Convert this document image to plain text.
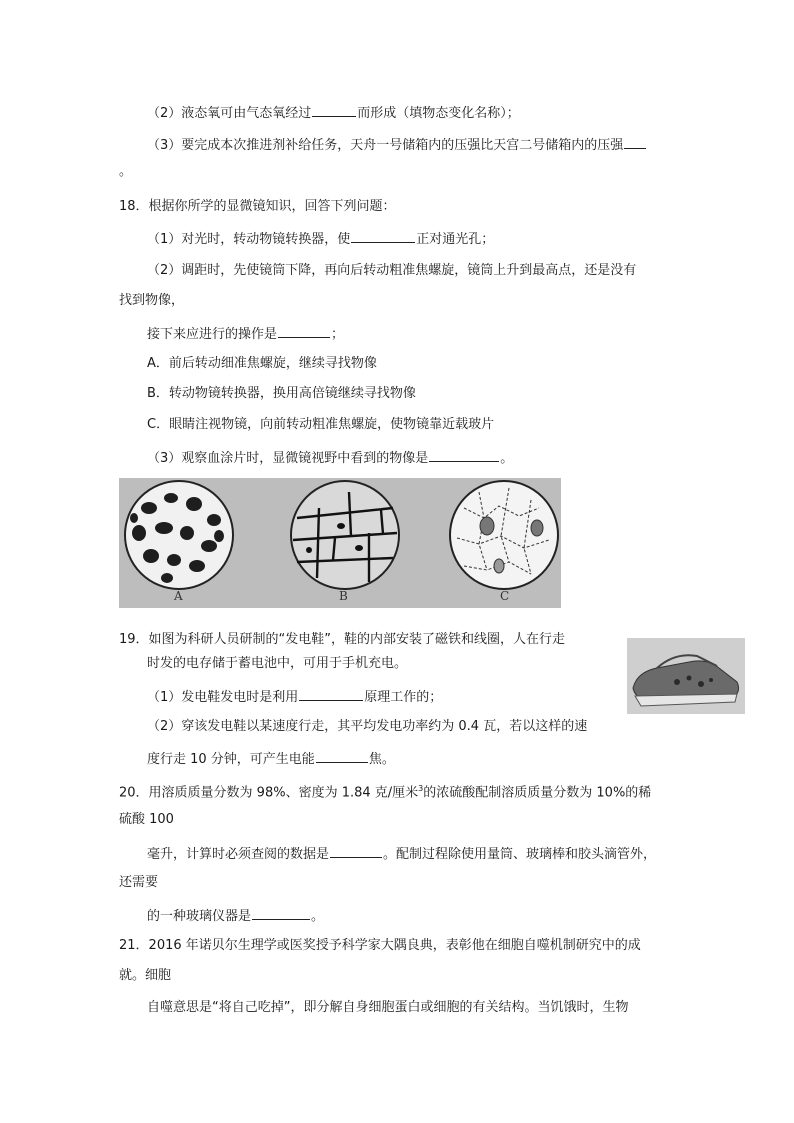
（2）液态氧可由气态氧经过	而形成（填物态变化名称）；
（3）要完成本次推进剂补给任务，天舟一号储箱内的压强比天宫二号储箱内的压强
。
18．根据你所学的显微镜知识，回答下列问题：
（1）对光时，转动物镜转换器，使	正对通光孔；
（2）调距时，先使镜筒下降，再向后转动粗准焦螺旋，镜筒上升到最高点，还是没有
找到物像，
接下来应进行的操作是	；
A．前后转动细准焦螺旋，继续寻找物像
B．转动物镜转换器，换用高倍镜继续寻找物像
C．眼睛注视物镜，向前转动粗准焦螺旋，使物镜靠近载玻片
（3）观察血涂片时，显微镜视野中看到的物像是	。
A	B	C
19．如图为科研人员研制的“发电鞋”，鞋的内部安装了磁铁和线圈，人在行走
时发的电存储于蓄电池中，可用于手机充电。
（1）发电鞋发电时是利用	原理工作的；
（2）穿该发电鞋以某速度行走，其平均发电功率约为 0.4 瓦，若以这样的速
度行走 10 分钟，可产生电能	焦。
20．用溶质质量分数为 98%、密度为 1.84 克/厘米$^3$的浓硫酸配制溶质质量分数为 10%的稀
硫酸 100
毫升，计算时必须查阅的数据是	。配制过程除使用量筒、玻璃棒和胶头滴管外，
还需要
的一种玻璃仪器是	。
21．2016 年诺贝尔生理学或医奖授予科学家大隅良典，表彰他在细胞自噬机制研究中的成
就。细胞
自噬意思是“将自己吃掉”，即分解自身细胞蛋白或细胞的有关结构。当饥饿时，生物
